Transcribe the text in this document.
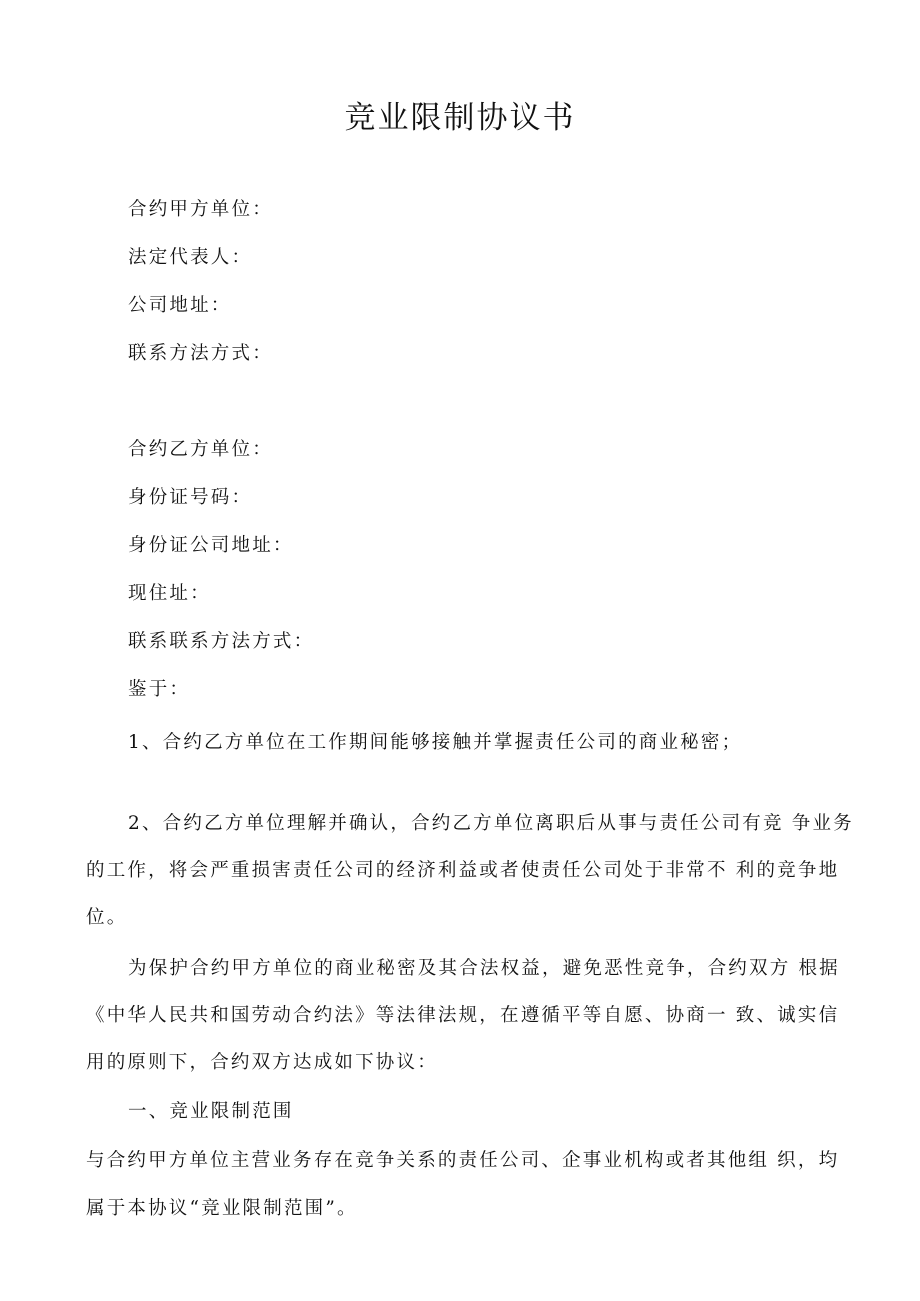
竞业限制协议书
合约甲方单位：
法定代表人：
公司地址：
联系方法方式：
合约乙方单位：
身份证号码：
身份证公司地址：
现住址：
联系联系方法方式：
鉴于：
1、合约乙方单位在工作期间能够接触并掌握责任公司的商业秘密；
2、合约乙方单位理解并确认，合约乙方单位离职后从事与责任公司有竞 争业务
的工作，将会严重损害责任公司的经济利益或者使责任公司处于非常不 利的竞争地
位。
为保护合约甲方单位的商业秘密及其合法权益，避免恶性竞争，合约双方 根据
《中华人民共和国劳动合约法》等法律法规，在遵循平等自愿、协商一 致、诚实信
用的原则下，合约双方达成如下协议：
一、竞业限制范围
与合约甲方单位主营业务存在竞争关系的责任公司、企事业机构或者其他组 织，均
属于本协议“竞业限制范围”。
